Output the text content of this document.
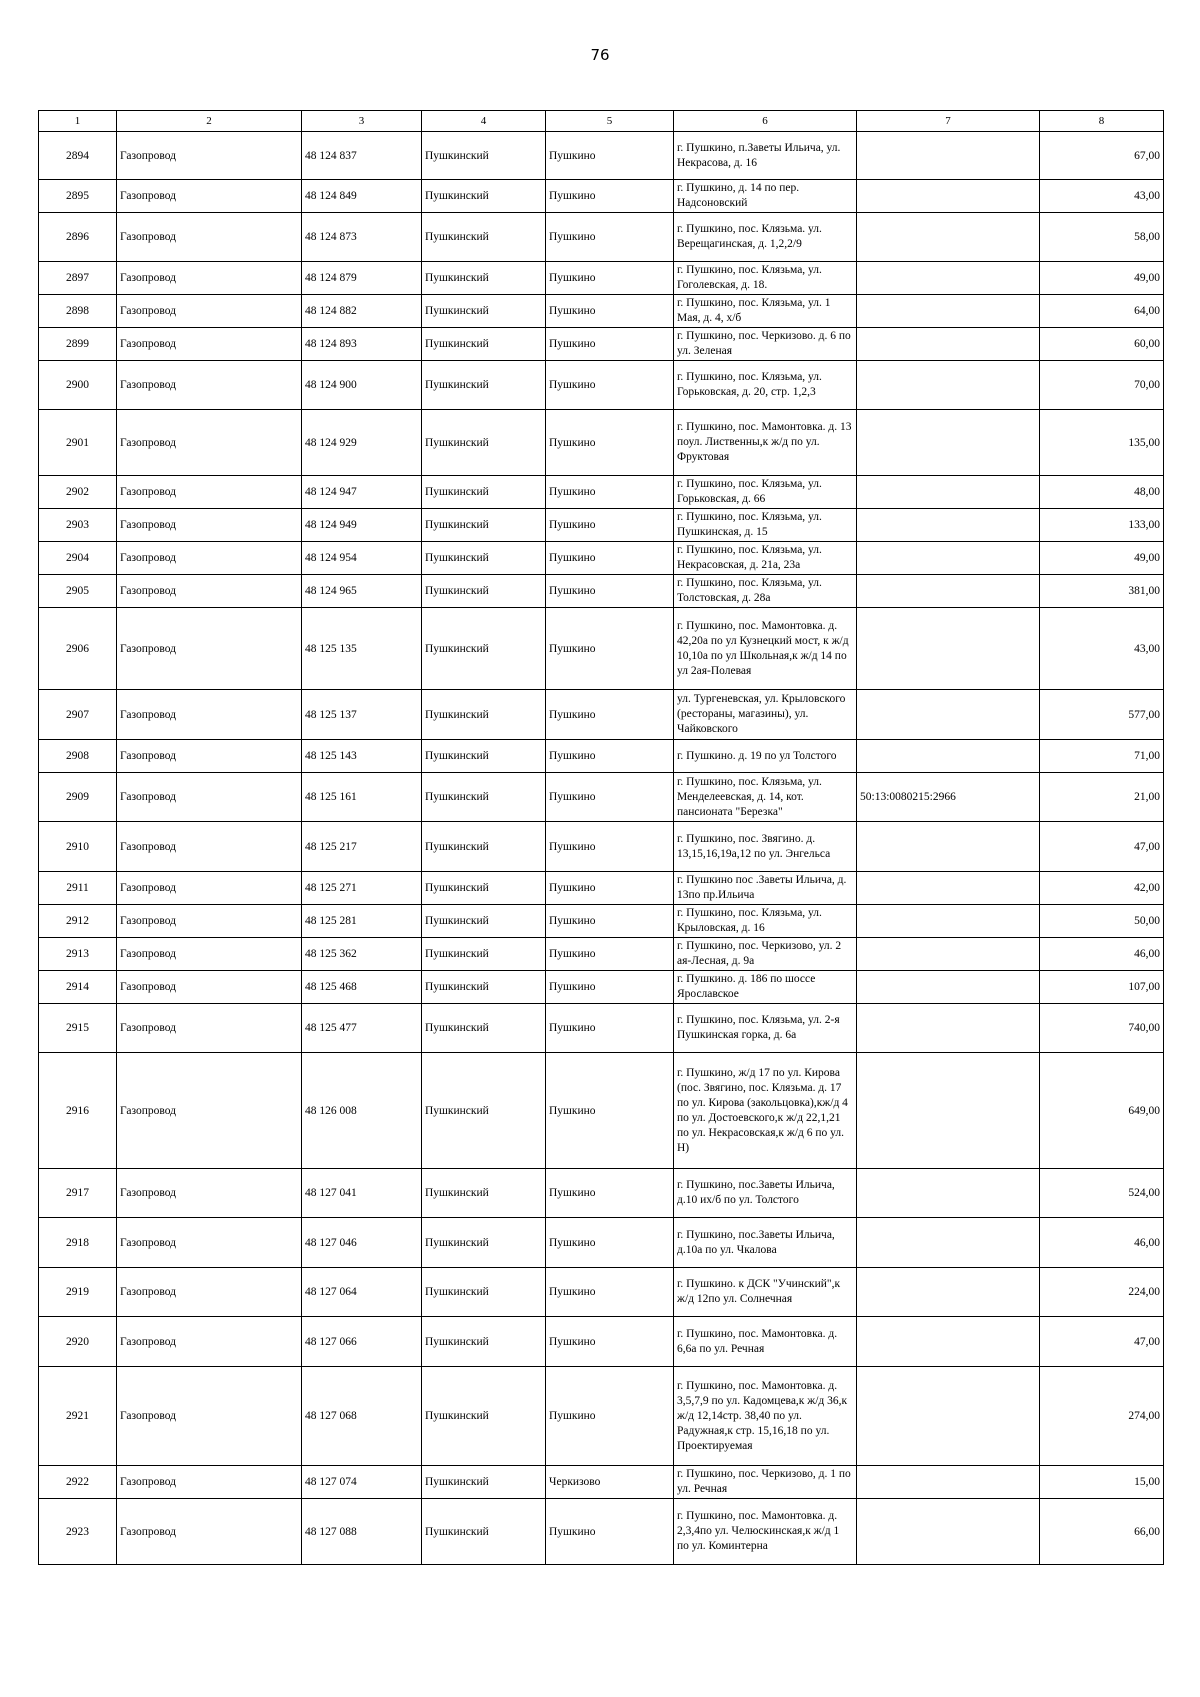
76
1	2	3	4	5	6	7	8
2894	Газопровод	48 124 837	Пушкинский	Пушкино	г. Пушкино, п.Заветы Ильича, ул. Некрасова, д. 16		67,00
2895	Газопровод	48 124 849	Пушкинский	Пушкино	г. Пушкино, д. 14 по пер. Надсоновский		43,00
2896	Газопровод	48 124 873	Пушкинский	Пушкино	г. Пушкино, пос. Клязьма. ул. Верещагинская, д. 1,2,2/9		58,00
2897	Газопровод	48 124 879	Пушкинский	Пушкино	г. Пушкино, пос. Клязьма, ул. Гоголевская, д. 18.		49,00
2898	Газопровод	48 124 882	Пушкинский	Пушкино	г. Пушкино, пос. Клязьма, ул. 1 Мая, д. 4, х/б		64,00
2899	Газопровод	48 124 893	Пушкинский	Пушкино	г. Пушкино, пос. Черкизово. д. 6 по ул. Зеленая		60,00
2900	Газопровод	48 124 900	Пушкинский	Пушкино	г. Пушкино, пос. Клязьма, ул. Горьковская, д. 20, стр. 1,2,3		70,00
2901	Газопровод	48 124 929	Пушкинский	Пушкино	г. Пушкино, пос. Мамонтовка. д. 13 поул. Лиственны,к ж/д по ул. Фруктовая		135,00
2902	Газопровод	48 124 947	Пушкинский	Пушкино	г. Пушкино, пос. Клязьма, ул. Горьковская, д. 66		48,00
2903	Газопровод	48 124 949	Пушкинский	Пушкино	г. Пушкино, пос. Клязьма, ул. Пушкинская, д. 15		133,00
2904	Газопровод	48 124 954	Пушкинский	Пушкино	г. Пушкино, пос. Клязьма, ул. Некрасовская, д. 21а, 23а		49,00
2905	Газопровод	48 124 965	Пушкинский	Пушкино	г. Пушкино, пос. Клязьма, ул. Толстовская, д. 28а		381,00
2906	Газопровод	48 125 135	Пушкинский	Пушкино	г. Пушкино, пос. Мамонтовка. д. 42,20а по ул Кузнецкий мост, к ж/д 10,10а по ул Школьная,к ж/д 14 по ул 2ая-Полевая		43,00
2907	Газопровод	48 125 137	Пушкинский	Пушкино	ул. Тургеневская, ул. Крыловского (рестораны, магазины), ул. Чайковского		577,00
2908	Газопровод	48 125 143	Пушкинский	Пушкино	г. Пушкино. д. 19 по ул Толстого		71,00
2909	Газопровод	48 125 161	Пушкинский	Пушкино	г. Пушкино, пос. Клязьма, ул. Менделеевская, д. 14, кот. пансионата "Березка"	50:13:0080215:2966	21,00
2910	Газопровод	48 125 217	Пушкинский	Пушкино	г. Пушкино, пос. Звягино. д. 13,15,16,19а,12 по ул. Энгельса		47,00
2911	Газопровод	48 125 271	Пушкинский	Пушкино	г. Пушкино пос .Заветы Ильича, д. 13по пр.Ильича		42,00
2912	Газопровод	48 125 281	Пушкинский	Пушкино	г. Пушкино, пос. Клязьма, ул. Крыловская, д. 16		50,00
2913	Газопровод	48 125 362	Пушкинский	Пушкино	г. Пушкино, пос. Черкизово, ул. 2 ая-Лесная, д. 9а		46,00
2914	Газопровод	48 125 468	Пушкинский	Пушкино	г. Пушкино. д. 186 по шоссе Ярославское		107,00
2915	Газопровод	48 125 477	Пушкинский	Пушкино	г. Пушкино, пос. Клязьма, ул. 2-я Пушкинская горка, д. 6а		740,00
2916	Газопровод	48 126 008	Пушкинский	Пушкино	г. Пушкино, ж/д 17 по ул. Кирова (пос. Звягино, пос. Клязьма. д. 17 по ул. Кирова (закольцовка),кж/д 4 по ул. Достоевского,к ж/д 22,1,21 по ул. Некрасовская,к ж/д 6 по ул. Н)		649,00
2917	Газопровод	48 127 041	Пушкинский	Пушкино	г. Пушкино, пос.Заветы Ильича, д.10 их/б по ул. Толстого		524,00
2918	Газопровод	48 127 046	Пушкинский	Пушкино	г. Пушкино, пос.Заветы Ильича, д.10а по ул. Чкалова		46,00
2919	Газопровод	48 127 064	Пушкинский	Пушкино	г. Пушкино. к ДСК "Учинский",к ж/д 12по ул. Солнечная		224,00
2920	Газопровод	48 127 066	Пушкинский	Пушкино	г. Пушкино, пос. Мамонтовка. д. 6,6а по ул. Речная		47,00
2921	Газопровод	48 127 068	Пушкинский	Пушкино	г. Пушкино, пос. Мамонтовка. д. 3,5,7,9 по ул. Кадомцева,к ж/д 36,к ж/д 12,14стр. 38,40 по ул. Радужная,к стр. 15,16,18 по ул. Проектируемая		274,00
2922	Газопровод	48 127 074	Пушкинский	Черкизово	г. Пушкино, пос. Черкизово, д. 1 по ул. Речная		15,00
2923	Газопровод	48 127 088	Пушкинский	Пушкино	г. Пушкино, пос. Мамонтовка. д. 2,3,4по ул. Челюскинская,к ж/д 1 по ул. Коминтерна		66,00
